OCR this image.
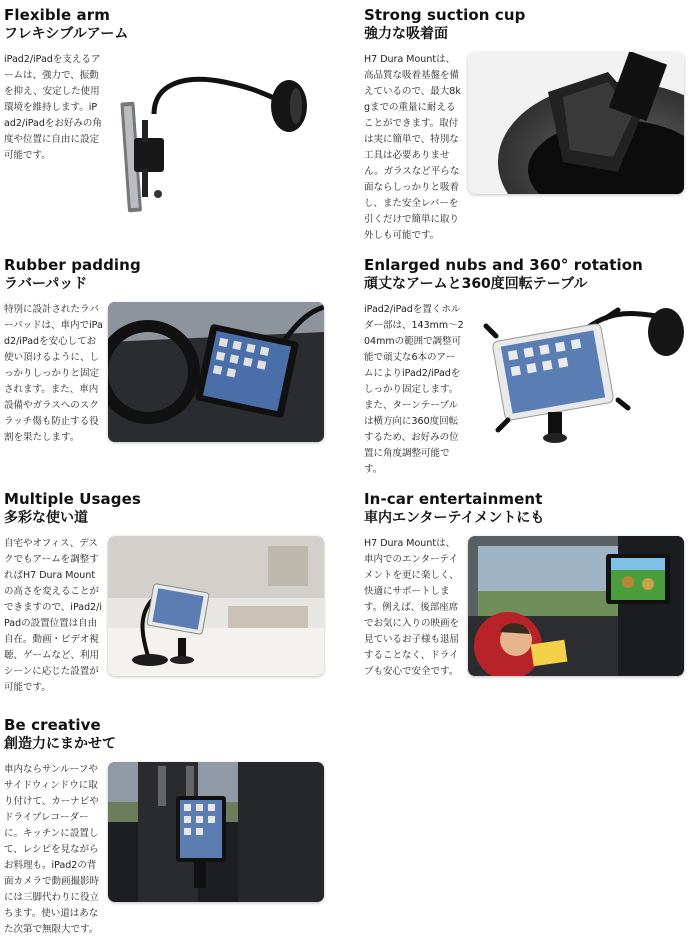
Flexible arm
フレキシブルアーム
iPad2/iPadを支えるアームは、強力で、振動を抑え、安定した使用環境を維持します。iPad2/iPadをお好みの角度や位置に自由に設定可能です。
Strong suction cup
強力な吸着面
H7 Dura Mountは、高品質な吸着基盤を備えているので、最大8kgまでの重量に耐えることができます。取付は実に簡単で、特別な工具は必要ありません。ガラスなど平らな面ならしっかりと吸着し、また安全レバーを引くだけで簡単に取り外しも可能です。
Rubber padding
ラバーパッド
特別に設計されたラバーパッドは、車内でiPad2/iPadを安心してお使い頂けるように、しっかりしっかりと固定されます。また、車内設備やガラスへのスクラッチ傷も防止する役割を果たします。
Enlarged nubs and 360° rotation
頑丈なアームと360度回転テーブル
iPad2/iPadを置くホルダー部は、143mm〜204mmの範囲で調整可能で頑丈な6本のアームによりiPad2/iPadをしっかり固定します。また、ターンテーブルは横方向に360度回転するため、お好みの位置に角度調整可能です。
Multiple Usages
多彩な使い道
自宅やオフィス、デスクでもアームを調整すればH7 Dura Mountの高さを変えることができますので、iPad2/iPadの設置位置は自由自在。動画・ビデオ視聴、ゲームなど、利用シーンに応じた設置が可能です。
In-car entertainment
車内エンターテイメントにも
H7 Dura Mountは、車内でのエンターテイメントを更に楽しく、快適にサポートします。例えば、後部座席でお気に入りの映画を見ているお子様も退屈することなく、ドライブも安心で安全です。
Be creative
創造力にまかせて
車内ならサンルーフやサイドウィンドウに取り付けて、カーナビやドライブレコーダーに。キッチンに設置して、レシピを見ながらお料理も。iPad2の背面カメラで動画撮影時には三脚代わりに役立ちます。使い道はあなた次第で無限大です。
